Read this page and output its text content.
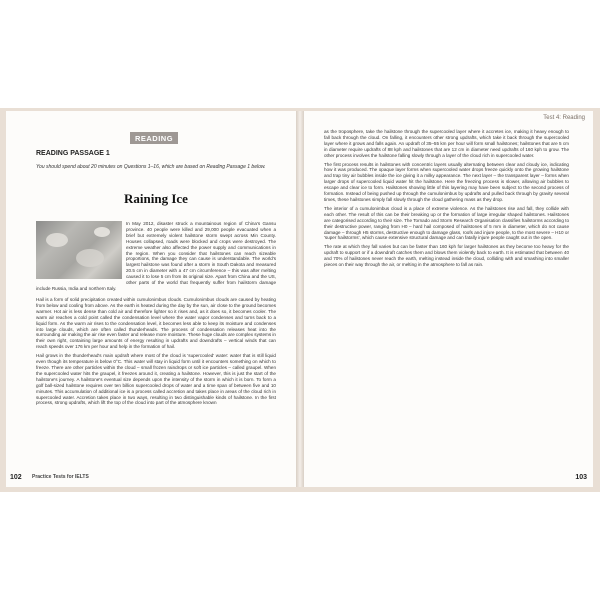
READING
READING PASSAGE 1
You should spend about 20 minutes on Questions 1–16, which are based on Reading Passage 1 below.
Raining Ice

In May 2012, disaster struck a mountainous region of China's Gansu province. 40 people were killed and 29,000 people evacuated when a brief but extremely violent hailstone storm swept across Min County. Houses collapsed, roads were blocked and crops were destroyed. The extreme weather also affected the power supply and communications in the region. When you consider that hailstones can reach sizeable proportions, the damage they can cause is understandable. The world's largest hailstone was found after a storm in South Dakota and measured 20.5 cm in diameter with a 47 cm circumference – this was after melting caused it to lose 5 cm from its original size. Apart from China and the US, other parts of the world that frequently suffer from hailstorm damage include Russia, India and northern Italy.

Hail is a form of solid precipitation created within cumulonimbus clouds. Cumulonimbus clouds are caused by heating from below and cooling from above. As the earth is heated during the day by the sun, air close to the ground becomes warmer. Hot air is less dense than cold air and therefore lighter so it rises and, as it does so, it becomes cooler. The warm air reaches a cold point called the condensation level where the water vapor condenses and turns back to a liquid form. As the warm air rises to the condensation level, it becomes less able to keep its moisture and condenses into large clouds, which are often called thunderheads. The process of condensation releases heat into the surrounding air making the air rise even faster and release more moisture. These huge clouds are complex systems in their own right, containing large amounts of energy resulting in updrafts and downdrafts – vertical winds that can reach speeds over 176 km per hour and help in the formation of hail.

Hail grows in the thunderhead's main updraft where most of the cloud is 'supercooled' water: water that is still liquid even though its temperature is below 0°C. This water will stay in liquid form until it encounters something on which to freeze. There are other particles within the cloud – small frozen raindrops or soft ice particles – called graupel. When the supercooled water hits the graupel, it freezes around it, creating a hailstone. However, this is just the start of the hailstone's journey. A hailstone's eventual size depends upon the intensity of the storm in which it is born. To form a golf ball-sized hailstone requires over ten billion supercooled drops of water and a time span of between five and 10 minutes. This accumulation of additional ice is a process called accretion and takes place in areas of the cloud rich in supercooled water. Accretion takes place in two ways, resulting in two distinguishable kinds of hailstone. In the first process, strong updrafts, which lift the top of the cloud into part of the atmosphere known

102 Practice Tests for IELTS
Test 4: Reading

as the troposphere, take the hailstone through the supercooled layer where it accretes ice, making it heavy enough to fall back through the cloud. On falling, it encounters other strong updrafts, which take it back through the supercooled layer where it grows and falls again. An updraft of 35–55 km per hour will form small hailstones; hailstones that are 5 cm in diameter require updrafts of 88 kph and hailstones that are 12 cm in diameter need updrafts of 160 kph to grow. The other process involves the hailstone falling slowly through a layer of the cloud rich in supercooled water.

The first process results in hailstones with concentric layers usually alternating between clear and cloudy ice, indicating how it was produced. The opaque layer forms when supercooled water drops freeze quickly onto the growing hailstone and trap tiny air bubbles inside the ice giving it a milky appearance. The next layer – the transparent layer – forms when larger drops of supercooled liquid water hit the hailstone. Here the freezing process is slower, allowing air bubbles to escape and clear ice to form. Hailstones showing little of this layering may have been subject to the second process of formation. Instead of being pushed up through the cumulonimbus by updrafts and pulled back through by gravity several times, these hailstones simply fall slowly through the cloud gathering mass as they drop.

The interior of a cumulonimbus cloud is a place of extreme violence. As the hailstones rise and fall, they collide with each other. The result of this can be their breaking up or the formation of large irregular shaped hailstones. Hailstones are categorised according to their size. The Tornado and Storm Research Organisation classifies hailstorms according to their destructive power, ranging from H0 – hard hail composed of hailstones of 5 mm in diameter, which do not cause damage – through H5 storms, destructive enough to damage glass, roofs and injure people, to the most severe – H10 or 'super hailstorms', which cause extensive structural damage and can fatally injure people caught out in the open.

The rate at which they fall varies but can be faster than 160 kph for larger hailstones as they become too heavy for the updraft to support or if a downdraft catches them and blows them violently back to earth. It is estimated that between 40 and 70% of hailstones never reach the earth, melting instead inside the cloud, colliding with and smashing into smaller pieces on their way through the air, or melting in the atmosphere to fall as rain.

103
